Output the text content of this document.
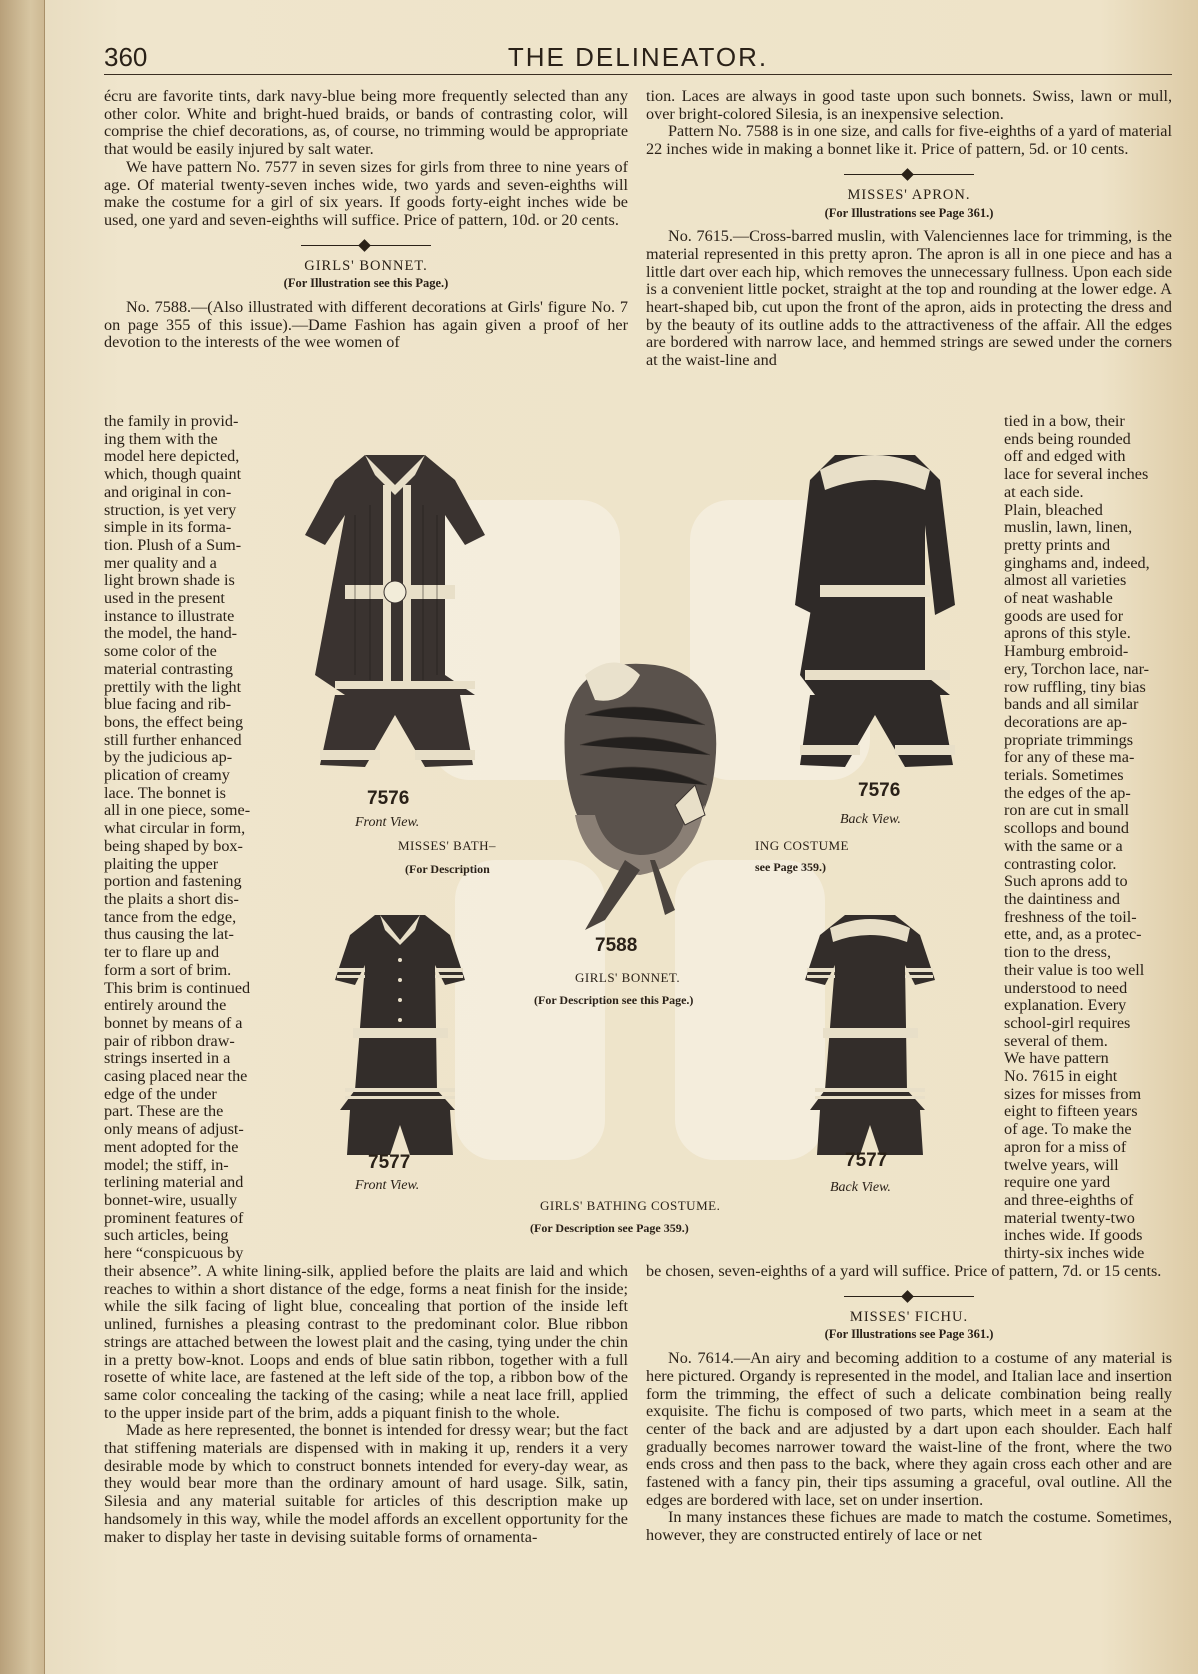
360	THE DELINEATOR.

écru are favorite tints, dark navy-blue being more frequently selected than any other color. White and bright-hued braids, or bands of contrasting color, will comprise the chief decorations, as, of course, no trimming would be appropriate that would be easily injured by salt water.

We have pattern No. 7577 in seven sizes for girls from three to nine years of age. Of material twenty-seven inches wide, two yards and seven-eighths will make the costume for a girl of six years. If goods forty-eight inches wide be used, one yard and seven-eighths will suffice. Price of pattern, 10d. or 20 cents.

GIRLS' BONNET.

(For Illustration see this Page.)

No. 7588.—(Also illustrated with different decorations at Girls' figure No. 7 on page 355 of this issue).—Dame Fashion has again given a proof of her devotion to the interests of the wee women of

the family in provid-
ing them with the
model here depicted,
which, though quaint
and original in con-
struction, is yet very
simple in its forma-
tion. Plush of a Sum-
mer quality and a
light brown shade is
used in the present
instance to illustrate
the model, the hand-
some color of the
material contrasting
prettily with the light
blue facing and rib-
bons, the effect being
still further enhanced
by the judicious ap-
plication of creamy
lace. The bonnet is
all in one piece, some-
what circular in form,
being shaped by box-
plaiting the upper
portion and fastening
the plaits a short dis-
tance from the edge,
thus causing the lat-
ter to flare up and
form a sort of brim.
This brim is continued
entirely around the
bonnet by means of a
pair of ribbon draw-
strings inserted in a
casing placed near the
edge of the under
part. These are the
only means of adjust-
ment adopted for the
model; the stiff, in-
terlining material and
bonnet-wire, usually
prominent features of
such articles, being
here “conspicuous by

their absence”. A white lining-silk, applied before the plaits are laid and which reaches to within a short distance of the edge, forms a neat finish for the inside; while the silk facing of light blue, concealing that portion of the inside left unlined, furnishes a pleasing contrast to the predominant color. Blue ribbon strings are attached between the lowest plait and the casing, tying under the chin in a pretty bow-knot. Loops and ends of blue satin ribbon, together with a full rosette of white lace, are fastened at the left side of the top, a ribbon bow of the same color concealing the tacking of the casing; while a neat lace frill, applied to the upper inside part of the brim, adds a piquant finish to the whole.

Made as here represented, the bonnet is intended for dressy wear; but the fact that stiffening materials are dispensed with in making it up, renders it a very desirable mode by which to construct bonnets intended for every-day wear, as they would bear more than the ordinary amount of hard usage. Silk, satin, Silesia and any material suitable for articles of this description make up handsomely in this way, while the model affords an excellent opportunity for the maker to display her taste in devising suitable forms of ornamenta-

tion. Laces are always in good taste upon such bonnets. Swiss, lawn or mull, over bright-colored Silesia, is an inexpensive selection.

Pattern No. 7588 is in one size, and calls for five-eighths of a yard of material 22 inches wide in making a bonnet like it. Price of pattern, 5d. or 10 cents.

MISSES' APRON.

(For Illustrations see Page 361.)

No. 7615.—Cross-barred muslin, with Valenciennes lace for trimming, is the material represented in this pretty apron. The apron is all in one piece and has a little dart over each hip, which removes the unnecessary fullness. Upon each side is a convenient little pocket, straight at the top and rounding at the lower edge. A heart-shaped bib, cut upon the front of the apron, aids in protecting the dress and by the beauty of its outline adds to the attractiveness of the affair. All the edges are bordered with narrow lace, and hemmed strings are sewed under the corners at the waist-line and

tied in a bow, their
ends being rounded
off and edged with
lace for several inches
at each side.
Plain, bleached
muslin, lawn, linen,
pretty prints and
ginghams and, indeed,
almost all varieties
of neat washable
goods are used for
aprons of this style.
Hamburg embroid-
ery, Torchon lace, nar-
row ruffling, tiny bias
bands and all similar
decorations are ap-
propriate trimmings
for any of these ma-
terials. Sometimes
the edges of the ap-
ron are cut in small
scollops and bound
with the same or a
contrasting color.
Such aprons add to
the daintiness and
freshness of the toil-
ette, and, as a protec-
tion to the dress,
their value is too well
understood to need
explanation. Every
school-girl requires
several of them.
We have pattern
No. 7615 in eight
sizes for misses from
eight to fifteen years
of age. To make the
apron for a miss of
twelve years, will
require one yard
and three-eighths of
material twenty-two
inches wide. If goods
thirty-six inches wide

be chosen, seven-eighths of a yard will suffice. Price of pattern, 7d. or 15 cents.

MISSES' FICHU.

(For Illustrations see Page 361.)

No. 7614.—An airy and becoming addition to a costume of any material is here pictured. Organdy is represented in the model, and Italian lace and insertion form the trimming, the effect of such a delicate combination being really exquisite. The fichu is composed of two parts, which meet in a seam at the center of the back and are adjusted by a dart upon each shoulder. Each half gradually becomes narrower toward the waist-line of the front, where the two ends cross and then pass to the back, where they again cross each other and are fastened with a fancy pin, their tips assuming a graceful, oval outline. All the edges are bordered with lace, set on under insertion.

In many instances these fichues are made to match the costume. Sometimes, however, they are constructed entirely of lace or net

7576
Front View.
7576
Back View.
7588
GIRLS' BONNET.
(For Description see this Page.)
MISSES' BATH–
(For Description
ING COSTUME
see Page 359.)
7577
Front View.
7577
Back View.
GIRLS' BATHING COSTUME.
(For Description see Page 359.)
